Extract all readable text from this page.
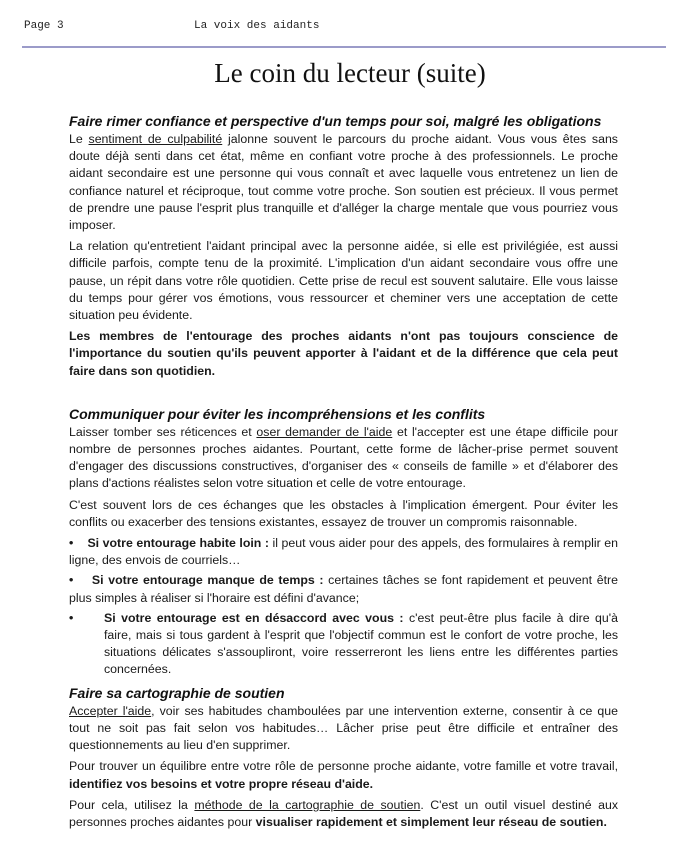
Page 3	La voix des aidants
Le coin du lecteur (suite)
Faire rimer confiance et perspective d'un temps pour soi, malgré les obligations

Le sentiment de culpabilité jalonne souvent le parcours du proche aidant. Vous vous êtes sans doute déjà senti dans cet état, même en confiant votre proche à des professionnels. Le proche aidant secondaire est une personne qui vous connaît et avec laquelle vous entretenez un lien de confiance naturel et réciproque, tout comme votre proche. Son soutien est précieux. Il vous permet de prendre une pause l'esprit plus tranquille et d'alléger la charge mentale que vous pourriez vous imposer.

La relation qu'entretient l'aidant principal avec la personne aidée, si elle est privilégiée, est aussi difficile parfois, compte tenu de la proximité. L'implication d'un aidant secondaire vous offre une pause, un répit dans votre rôle quotidien. Cette prise de recul est souvent salutaire. Elle vous laisse du temps pour gérer vos émotions, vous ressourcer et cheminer vers une acceptation de cette situation peu évidente.

Les membres de l'entourage des proches aidants n'ont pas toujours conscience de l'importance du soutien qu'ils peuvent apporter à l'aidant et de la différence que cela peut faire dans son quotidien.

Communiquer pour éviter les incompréhensions et les conflits

Laisser tomber ses réticences et oser demander de l'aide et l'accepter est une étape difficile pour nombre de personnes proches aidantes. Pourtant, cette forme de lâcher-prise permet souvent d'engager des discussions constructives, d'organiser des « conseils de famille » et d'élaborer des plans d'actions réalistes selon votre situation et celle de votre entourage.

C'est souvent lors de ces échanges que les obstacles à l'implication émergent. Pour éviter les conflits ou exacerber des tensions existantes, essayez de trouver un compromis raisonnable.

• Si votre entourage habite loin : il peut vous aider pour des appels, des formulaires à remplir en ligne, des envois de courriels…
• Si votre entourage manque de temps : certaines tâches se font rapidement et peuvent être plus simples à réaliser si l'horaire est défini d'avance;
• Si votre entourage est en désaccord avec vous : c'est peut-être plus facile à dire qu'à faire, mais si tous gardent à l'esprit que l'objectif commun est le confort de votre proche, les situations délicates s'assoupliront, voire resserreront les liens entre les différentes parties concernées.
Faire sa cartographie de soutien

Accepter l'aide, voir ses habitudes chamboulées par une intervention externe, consentir à ce que tout ne soit pas fait selon vos habitudes… Lâcher prise peut être difficile et entraîner des questionnements au lieu d'en supprimer.

Pour trouver un équilibre entre votre rôle de personne proche aidante, votre famille et votre travail, identifiez vos besoins et votre propre réseau d'aide.

Pour cela, utilisez la méthode de la cartographie de soutien. C'est un outil visuel destiné aux personnes proches aidantes pour visualiser rapidement et simplement leur réseau de soutien.
